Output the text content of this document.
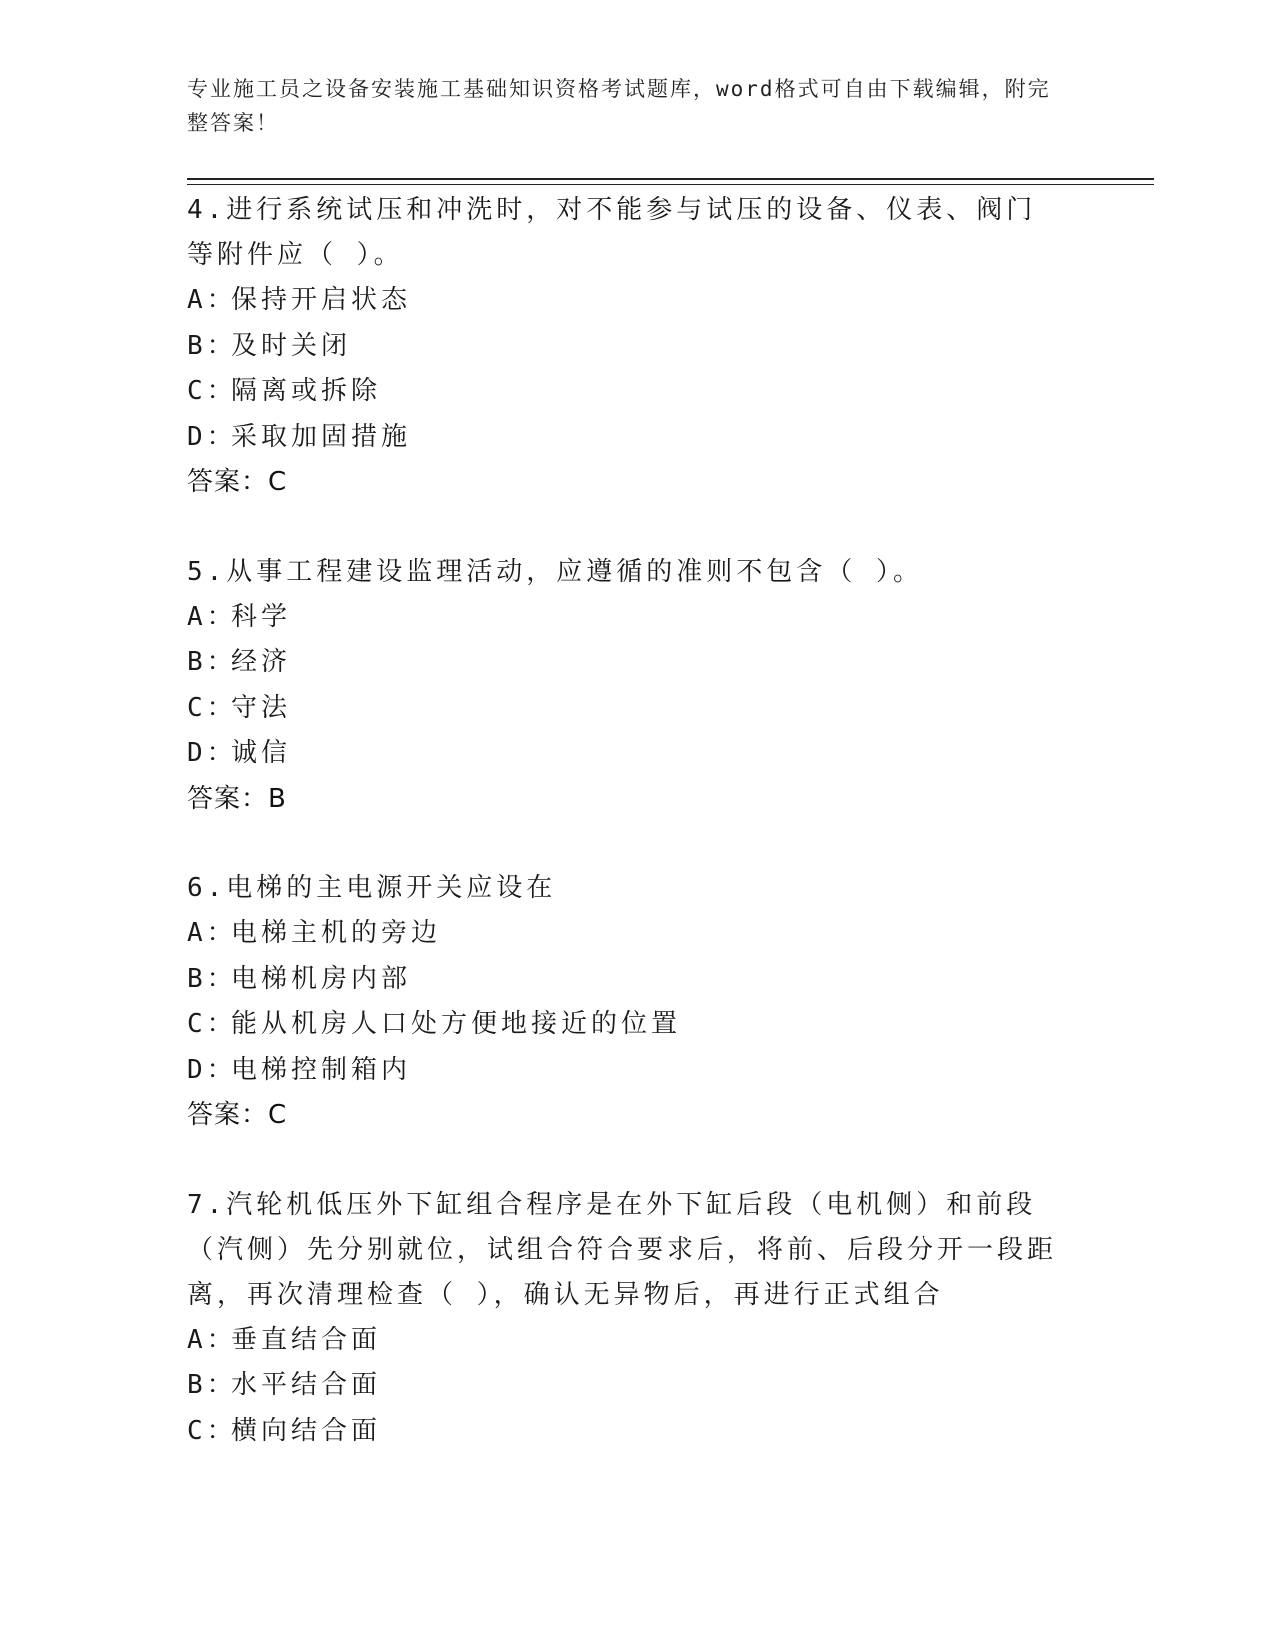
专业施工员之设备安装施工基础知识资格考试题库，word格式可自由下载编辑，附完整答案！
4.进行系统试压和冲洗时，对不能参与试压的设备、仪表、阀门等附件应（ ）。
A：保持开启状态
B：及时关闭
C：隔离或拆除
D：采取加固措施
答案：C
5.从事工程建设监理活动，应遵循的准则不包含（ ）。
A：科学
B：经济
C：守法
D：诚信
答案：B
6.电梯的主电源开关应设在
A：电梯主机的旁边
B：电梯机房内部
C：能从机房人口处方便地接近的位置
D：电梯控制箱内
答案：C
7.汽轮机低压外下缸组合程序是在外下缸后段（电机侧）和前段（汽侧）先分别就位，试组合符合要求后，将前、后段分开一段距离，再次清理检查（ ），确认无异物后，再进行正式组合
A：垂直结合面
B：水平结合面
C：横向结合面
